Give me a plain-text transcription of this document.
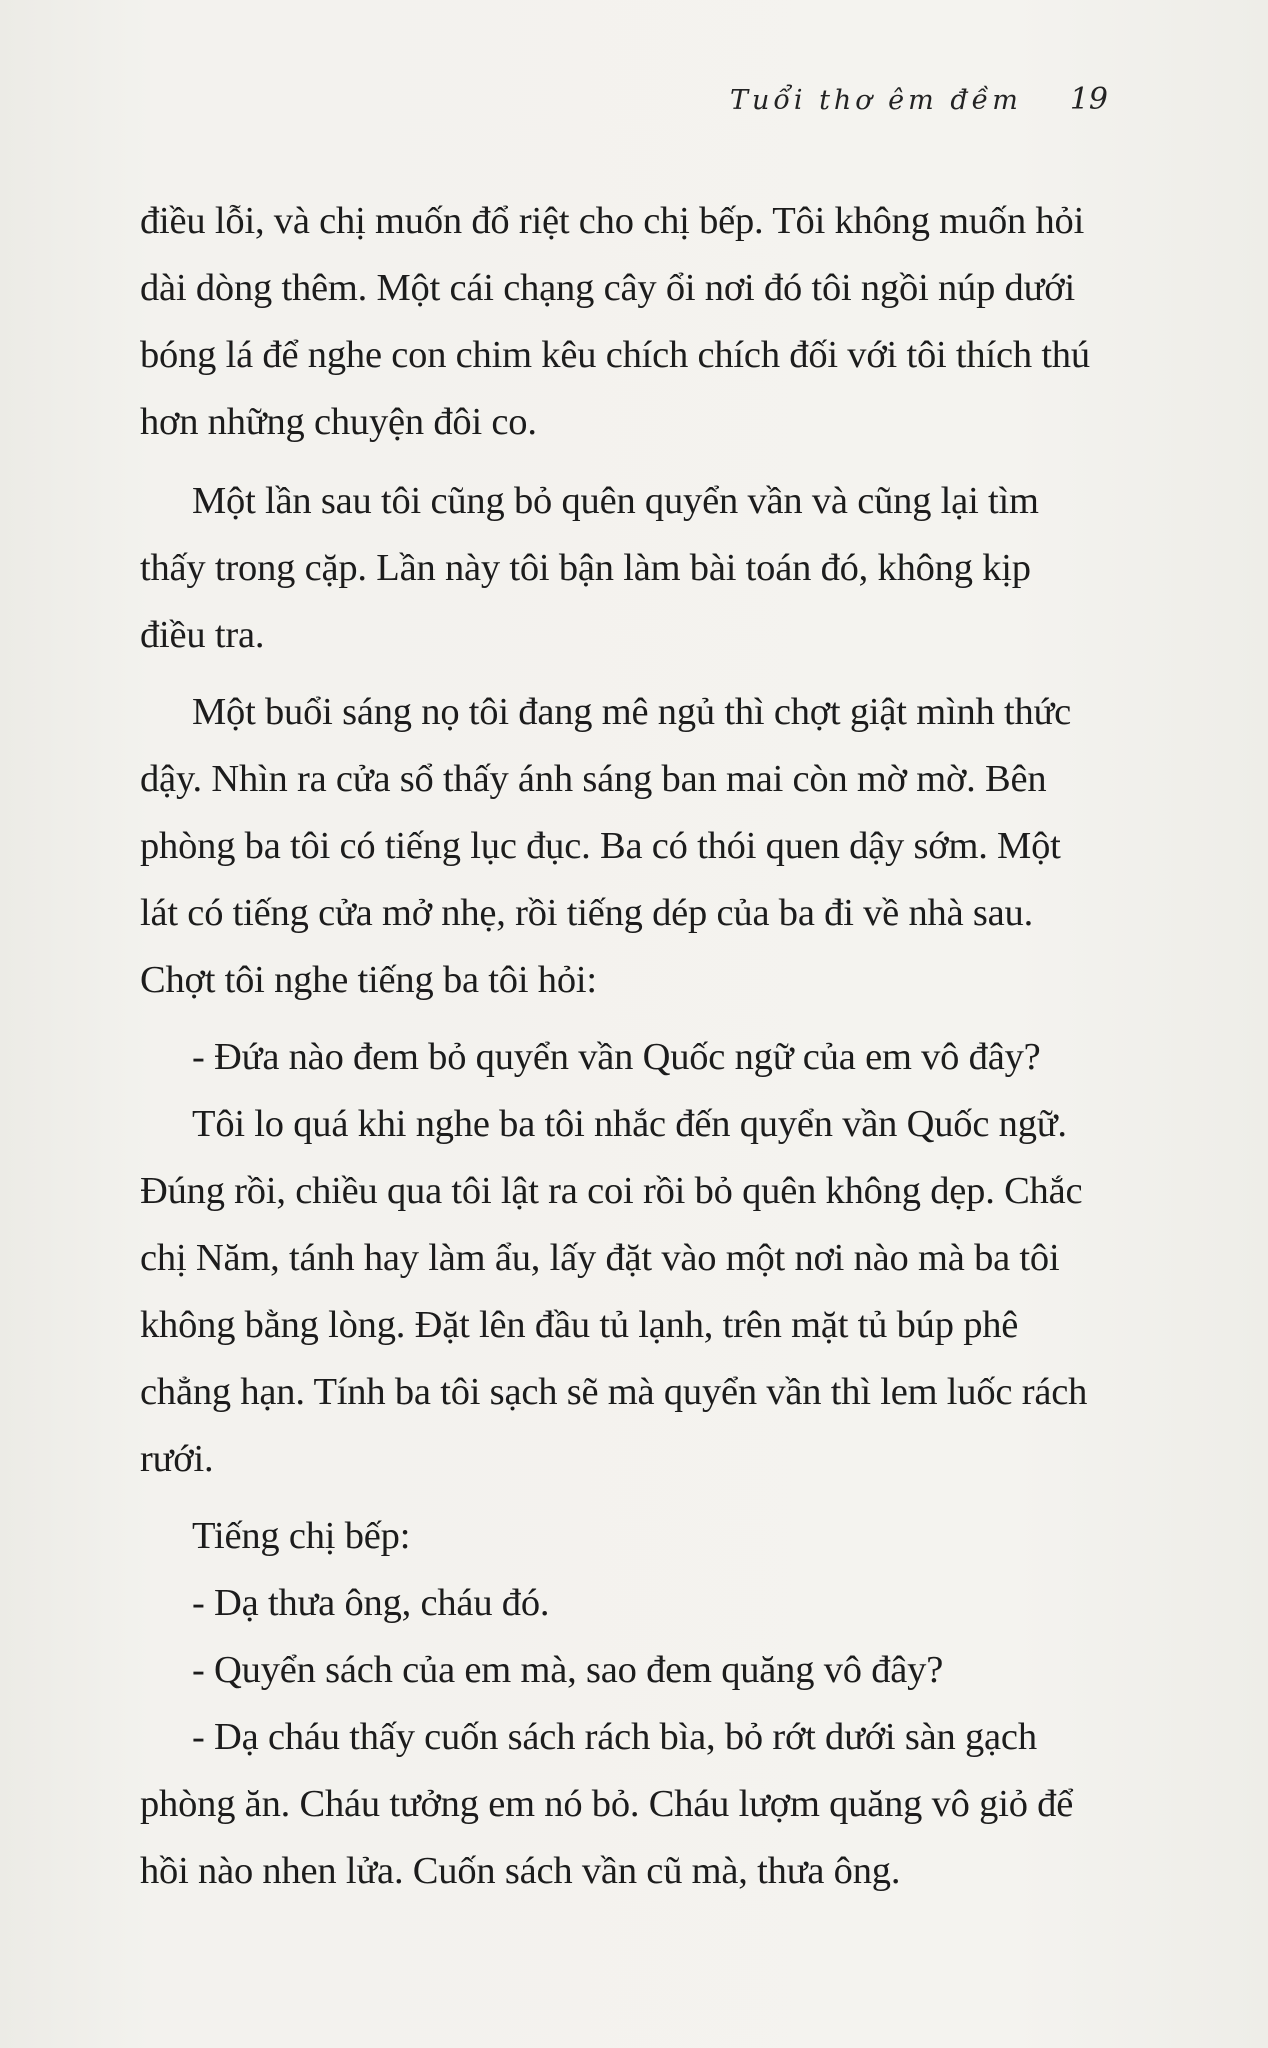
Tuổi thơ êm đềm 19

điều lỗi, và chị muốn đổ riệt cho chị bếp. Tôi không muốn hỏi dài dòng thêm. Một cái chạng cây ổi nơi đó tôi ngồi núp dưới bóng lá để nghe con chim kêu chích chích đối với tôi thích thú hơn những chuyện đôi co.

Một lần sau tôi cũng bỏ quên quyển vần và cũng lại tìm thấy trong cặp. Lần này tôi bận làm bài toán đó, không kịp điều tra.

Một buổi sáng nọ tôi đang mê ngủ thì chợt giật mình thức dậy. Nhìn ra cửa sổ thấy ánh sáng ban mai còn mờ mờ. Bên phòng ba tôi có tiếng lục đục. Ba có thói quen dậy sớm. Một lát có tiếng cửa mở nhẹ, rồi tiếng dép của ba đi về nhà sau. Chợt tôi nghe tiếng ba tôi hỏi:

- Đứa nào đem bỏ quyển vần Quốc ngữ của em vô đây?

Tôi lo quá khi nghe ba tôi nhắc đến quyển vần Quốc ngữ. Đúng rồi, chiều qua tôi lật ra coi rồi bỏ quên không dẹp. Chắc chị Năm, tánh hay làm ẩu, lấy đặt vào một nơi nào mà ba tôi không bằng lòng. Đặt lên đầu tủ lạnh, trên mặt tủ búp phê chẳng hạn. Tính ba tôi sạch sẽ mà quyển vần thì lem luốc rách rưới.

Tiếng chị bếp:

- Dạ thưa ông, cháu đó.

- Quyển sách của em mà, sao đem quăng vô đây?

- Dạ cháu thấy cuốn sách rách bìa, bỏ rớt dưới sàn gạch phòng ăn. Cháu tưởng em nó bỏ. Cháu lượm quăng vô giỏ để hồi nào nhen lửa. Cuốn sách vần cũ mà, thưa ông.
